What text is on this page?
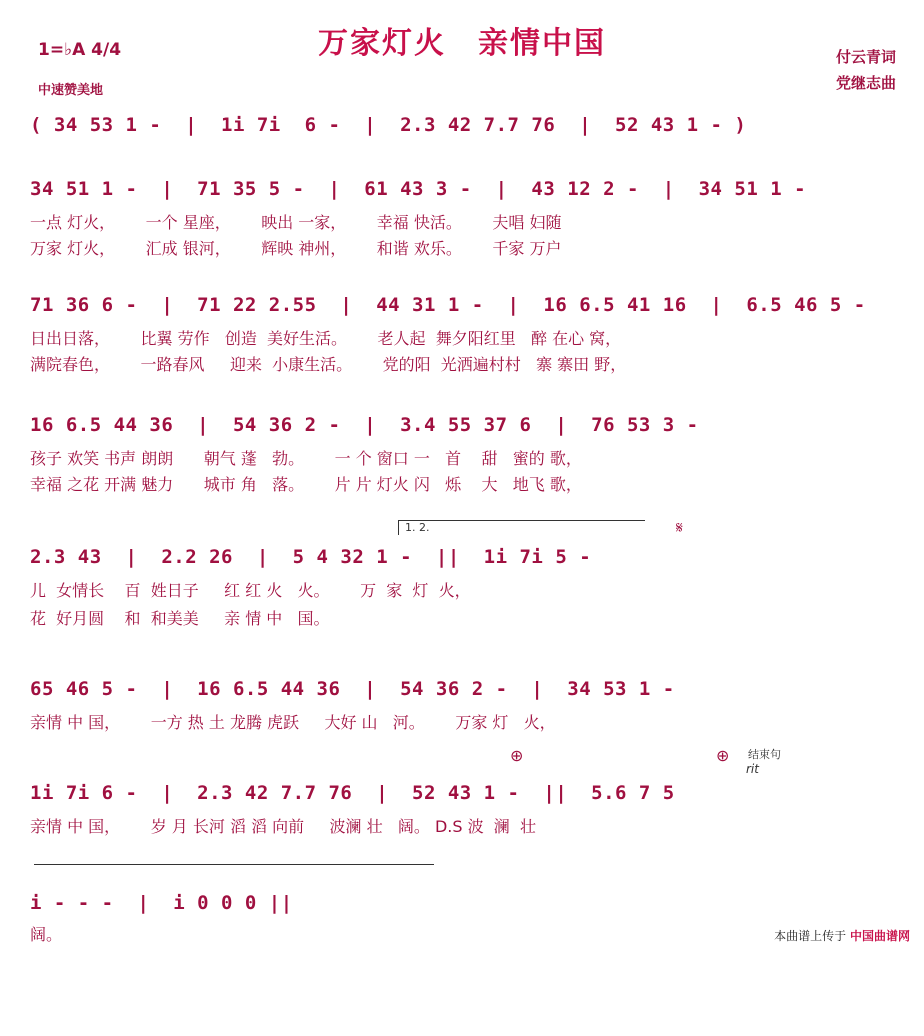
万家灯火　亲情中国
1=♭A 4/4
中速赞美地
付云青词
党继志曲
( 34 53 1 -  |  1i 7i  6 -  |  2.3 42 7.7 76  |  52 43 1 - )
34 51 1 -  |  71 35 5 -  |  61 43 3 -  |  43 12 2 -  |  34 51 1 -
一点 灯火，      一个 星座，      映出 一家，      幸福 快活。      夫唱 妇随
万家 灯火，      汇成 银河，      辉映 神州，      和谐 欢乐。      千家 万户
71 36 6 -  |  71 22 2.55  |  44 31 1 -  |  16 6.5 41 16  |  6.5 46 5 -
日出日落，      比翼 劳作   创造  美好生活。      老人起  舞夕阳红里   醉 在心 窝，
满院春色，      一路春风     迎来  小康生活。      党的阳  光洒遍村村   寨 寨田 野，
16 6.5 44 36  |  54 36 2 -  |  3.4 55 37 6  |  76 53 3 -
孩子 欢笑 书声 朗朗      朝气 蓬   勃。      一 个 窗口 一   首    甜   蜜的 歌，
幸福 之花 开满 魅力      城市 角   落。      片 片 灯火 闪   烁    大   地飞 歌，
1. 2.	𝄋
2.3 43  |  2.2 26  |  5 4 32 1 -  ||  1i 7i 5 -
儿  女情长    百  姓日子     红 红 火   火。      万  家  灯  火，
花  好月圆    和  和美美     亲 情 中   国。
65 46 5 -  |  16 6.5 44 36  |  54 36 2 -  |  34 53 1 -
亲情 中 国，      一方 热 土 龙腾 虎跃     大好 山   河。      万家 灯   火，
⊕	⊕ 结束句
rit
1i 7i 6 -  |  2.3 42 7.7 76  |  52 43 1 -  ||  5.6 7 5
亲情 中 国，      岁 月 长河 滔 滔 向前     波澜 壮   阔。 D.S 波  澜  壮
i - - -  |  i 0 0 0 ||
阔。	本曲谱上传于 中国曲谱网
